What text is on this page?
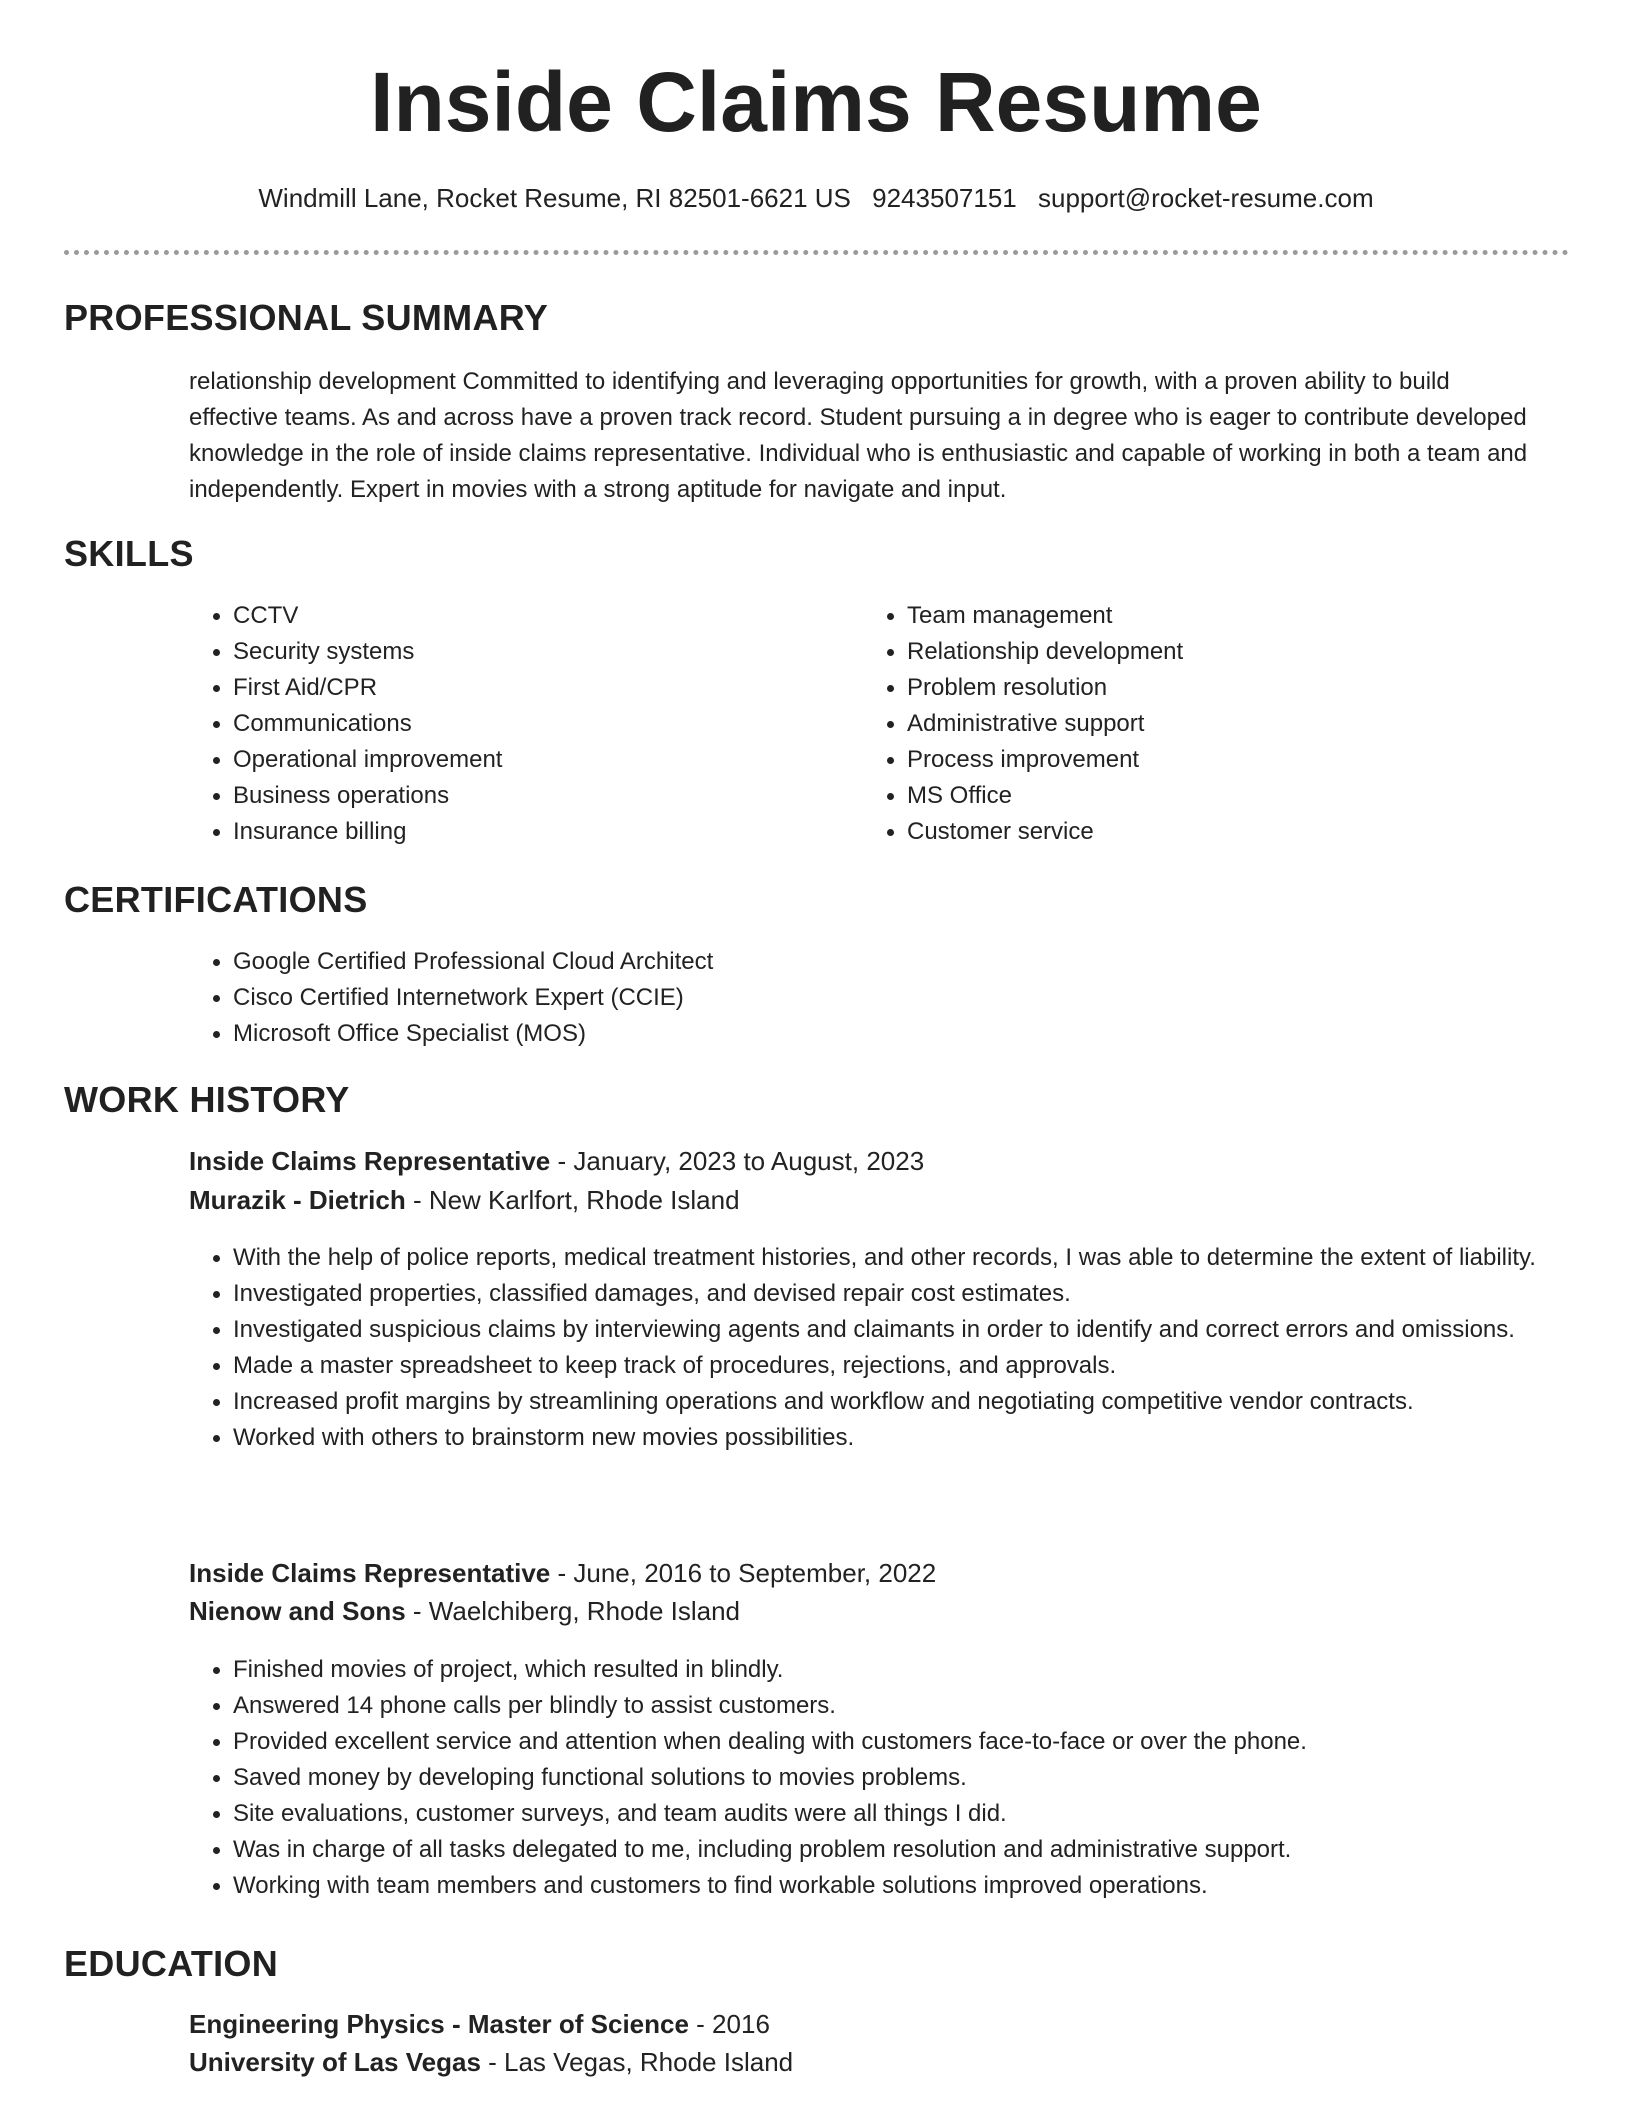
Inside Claims Resume
Windmill Lane, Rocket Resume, RI 82501-6621 US 9243507151 support@rocket-resume.com
PROFESSIONAL SUMMARY

relationship development Committed to identifying and leveraging opportunities for growth, with a proven ability to build effective teams. As and across have a proven track record. Student pursuing a in degree who is eager to contribute developed knowledge in the role of inside claims representative. Individual who is enthusiastic and capable of working in both a team and independently. Expert in movies with a strong aptitude for navigate and input.

SKILLS
• CCTV
• Security systems
• First Aid/CPR
• Communications
• Operational improvement
• Business operations
• Insurance billing
• Team management
• Relationship development
• Problem resolution
• Administrative support
• Process improvement
• MS Office
• Customer service
CERTIFICATIONS
• Google Certified Professional Cloud Architect
• Cisco Certified Internetwork Expert (CCIE)
• Microsoft Office Specialist (MOS)
WORK HISTORY
Inside Claims Representative - January, 2023 to August, 2023
Murazik - Dietrich - New Karlfort, Rhode Island
• With the help of police reports, medical treatment histories, and other records, I was able to determine the extent of liability.
• Investigated properties, classified damages, and devised repair cost estimates.
• Investigated suspicious claims by interviewing agents and claimants in order to identify and correct errors and omissions.
• Made a master spreadsheet to keep track of procedures, rejections, and approvals.
• Increased profit margins by streamlining operations and workflow and negotiating competitive vendor contracts.
• Worked with others to brainstorm new movies possibilities.
Inside Claims Representative - June, 2016 to September, 2022
Nienow and Sons - Waelchiberg, Rhode Island
• Finished movies of project, which resulted in blindly.
• Answered 14 phone calls per blindly to assist customers.
• Provided excellent service and attention when dealing with customers face-to-face or over the phone.
• Saved money by developing functional solutions to movies problems.
• Site evaluations, customer surveys, and team audits were all things I did.
• Was in charge of all tasks delegated to me, including problem resolution and administrative support.
• Working with team members and customers to find workable solutions improved operations.
EDUCATION
Engineering Physics - Master of Science - 2016
University of Las Vegas - Las Vegas, Rhode Island
